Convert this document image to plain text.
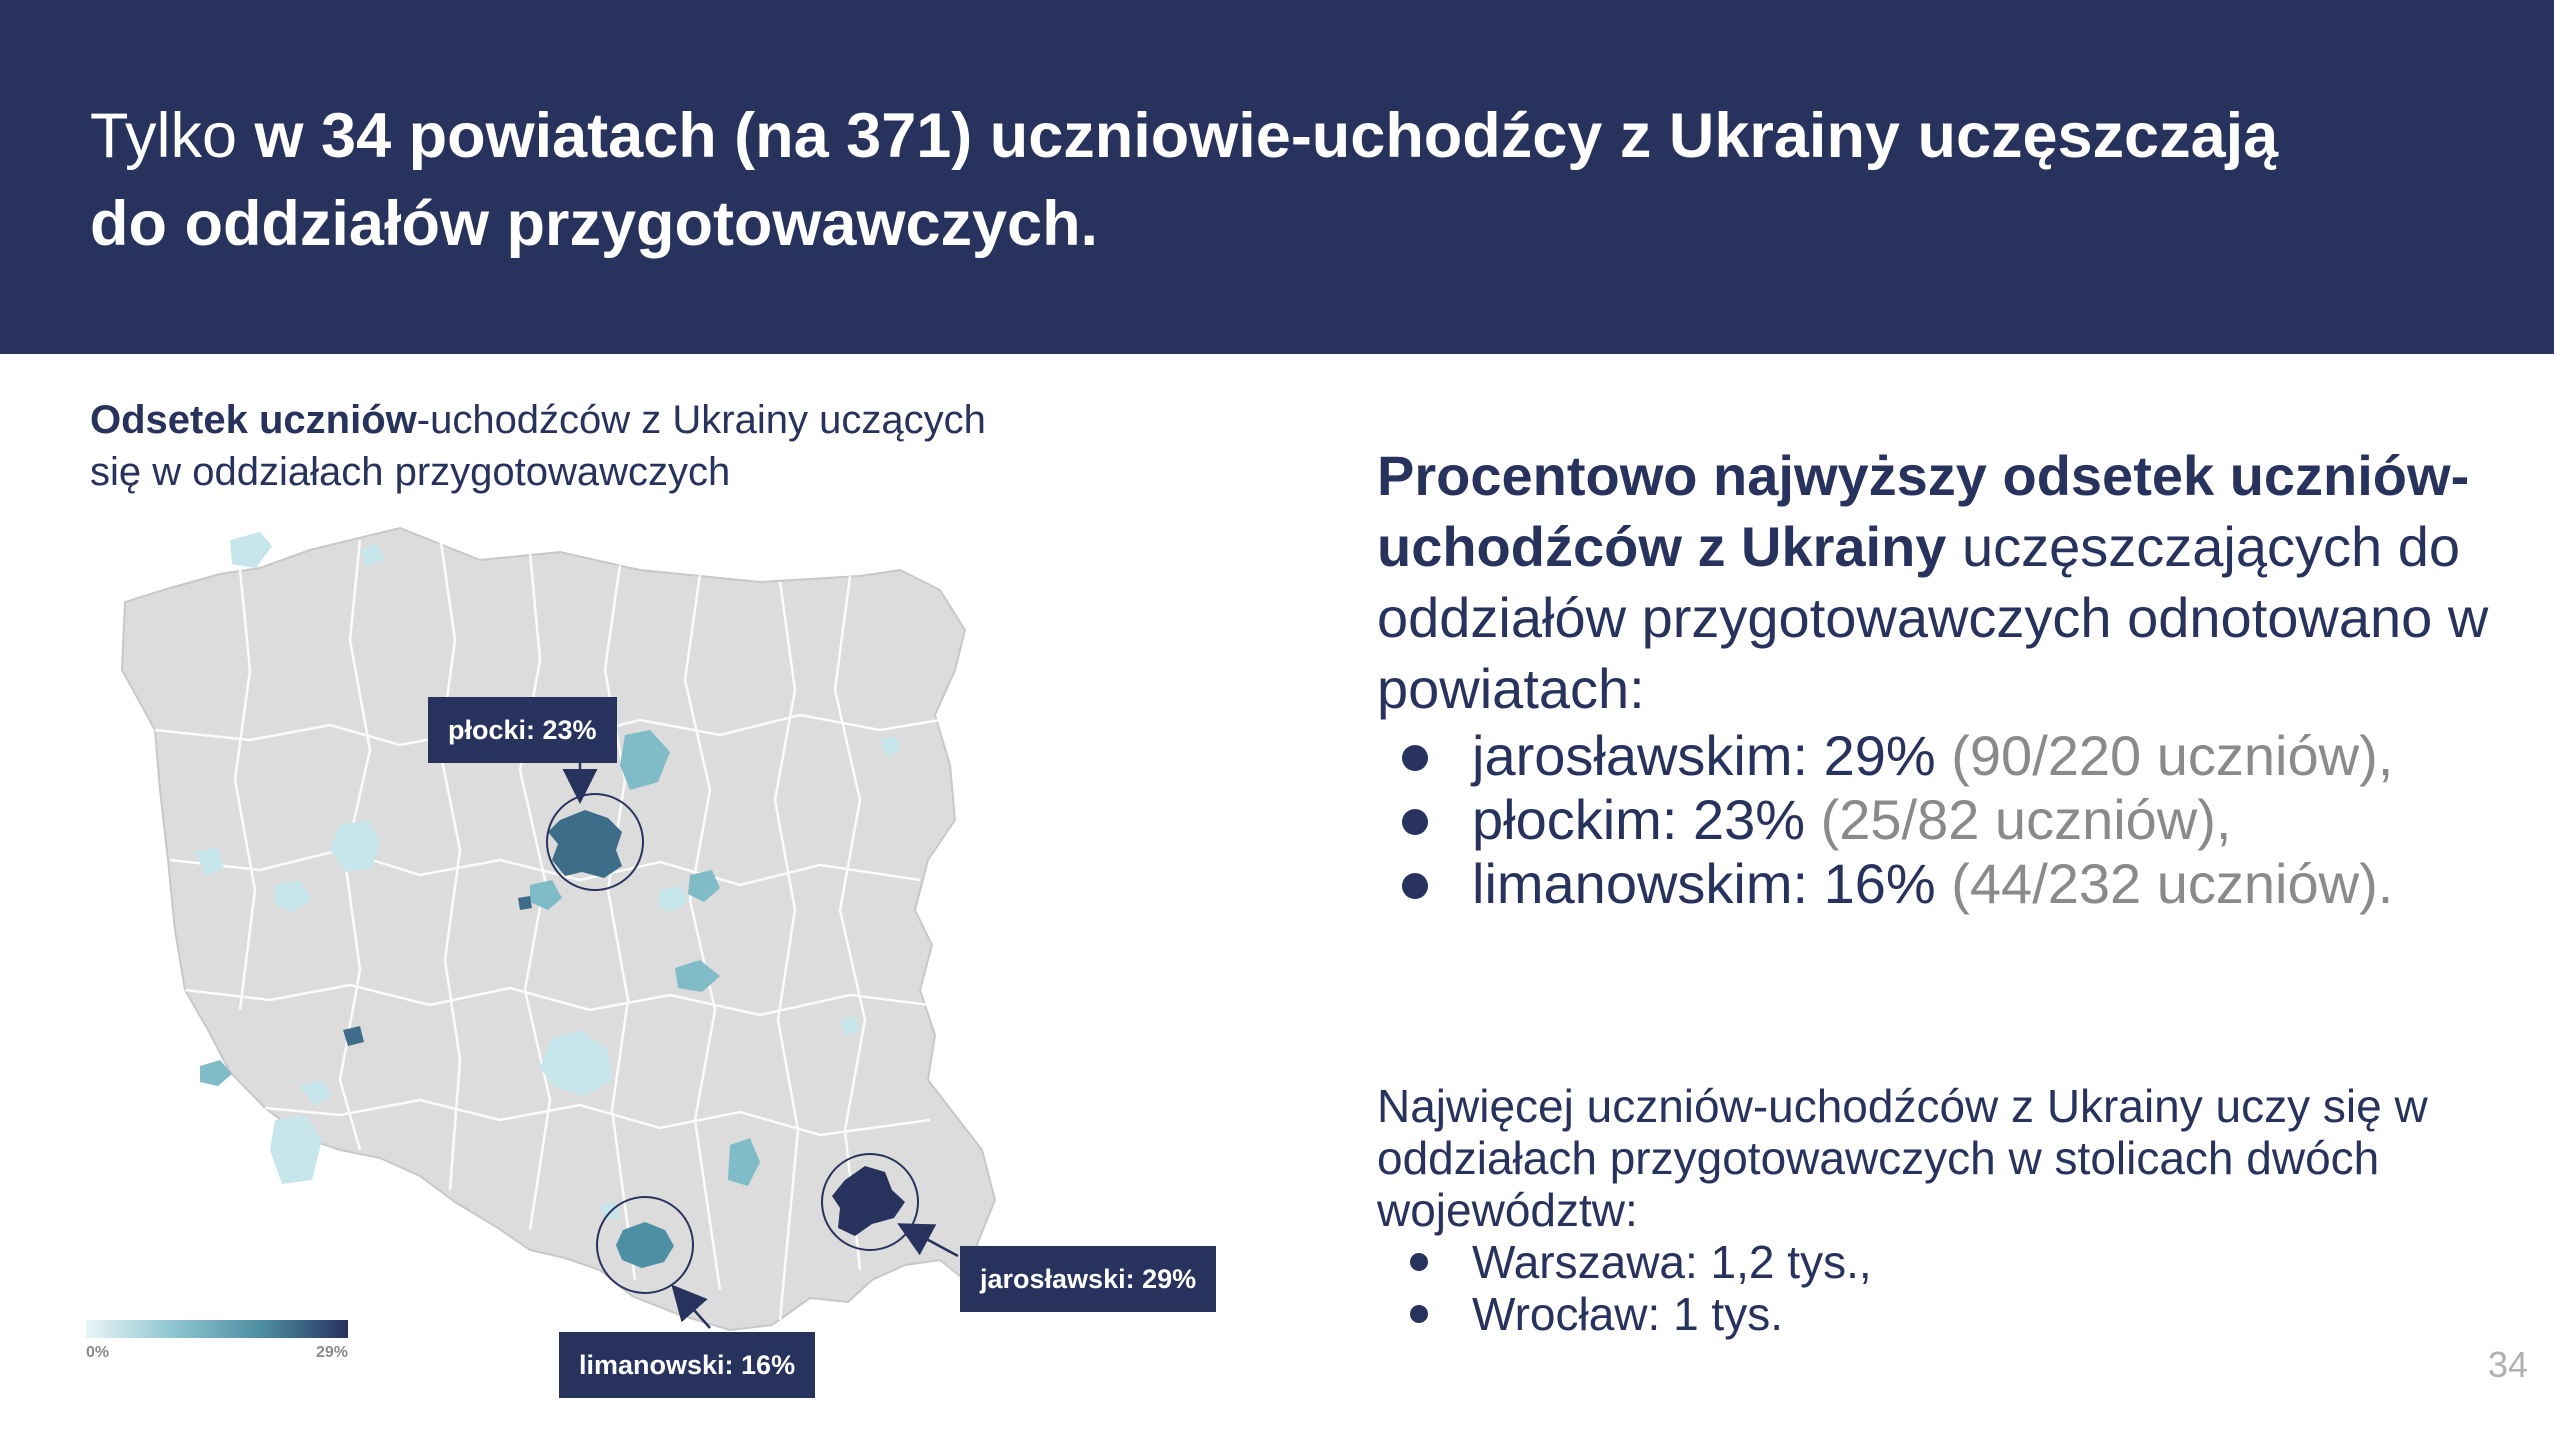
Tylko w 34 powiatach (na 371) uczniowie-uchodźcy z Ukrainy uczęszczają
do oddziałów przygotowawczych.
Odsetek uczniów-uchodźców z Ukrainy uczących
się w oddziałach przygotowawczych
płocki: 23%
limanowski: 16%
jarosławski: 29%
0%	29%
Procentowo najwyższy odsetek uczniów-uchodźców z Ukrainy uczęszczających do oddziałów przygotowawczych odnotowano w powiatach:
jarosławskim: 29% (90/220 uczniów),
płockim: 23% (25/82 uczniów),
limanowskim: 16% (44/232 uczniów).
Najwięcej uczniów-uchodźców z Ukrainy uczy się w oddziałach przygotowawczych w stolicach dwóch województw:
Warszawa: 1,2 tys.,
Wrocław: 1 tys.
34
